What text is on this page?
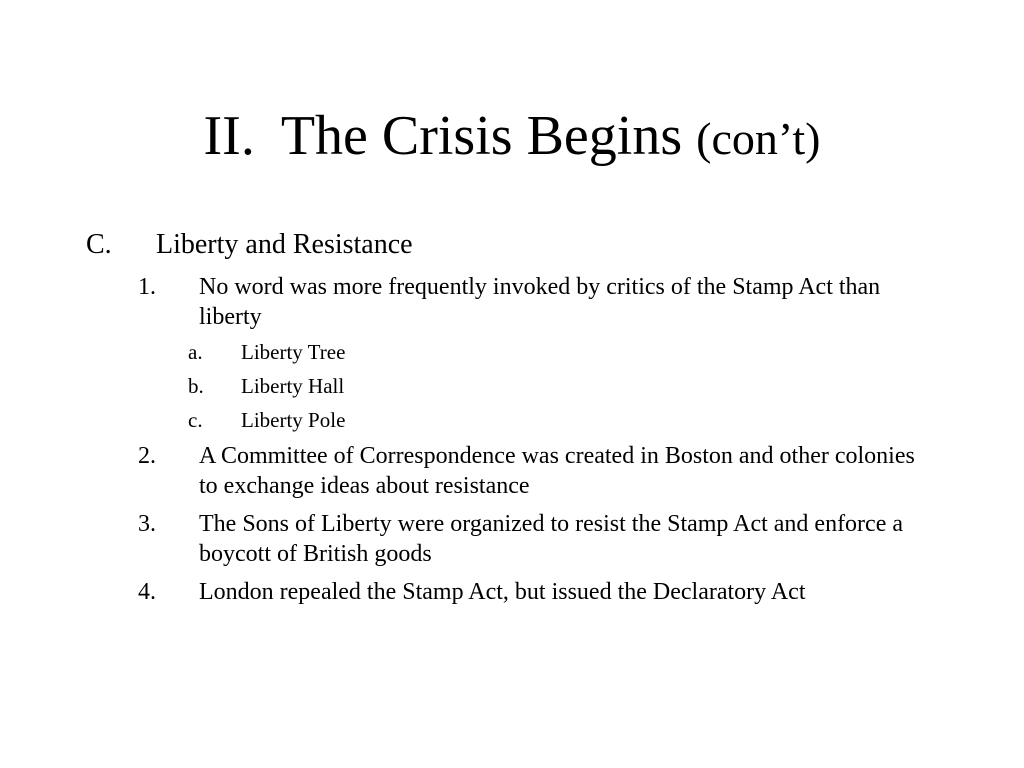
II. The Crisis Begins (con’t)
C.	Liberty and Resistance
1.	No word was more frequently invoked by critics of the Stamp Act than liberty
a.	Liberty Tree
b.	Liberty Hall
c.	Liberty Pole
2.	A Committee of Correspondence was created in Boston and other colonies to exchange ideas about resistance
3.	The Sons of Liberty were organized to resist the Stamp Act and enforce a boycott of British goods
4.	London repealed the Stamp Act, but issued the Declaratory Act
